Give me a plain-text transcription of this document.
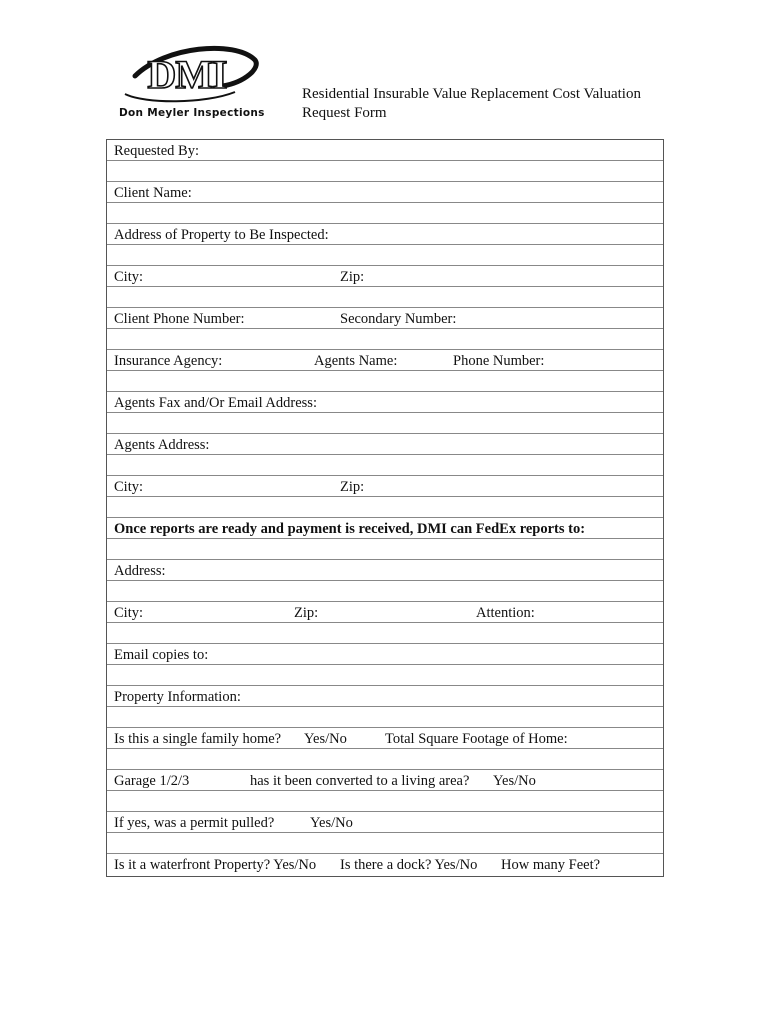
DMI
Don Meyler Inspections
Residential Insurable Value Replacement Cost Valuation
Request Form
Requested By:
Client Name:
Address of Property to Be Inspected:
City:	Zip:
Client Phone Number:	Secondary Number:
Insurance Agency:	Agents Name:	Phone Number:
Agents Fax and/Or Email Address:
Agents Address:
City:	Zip:
Once reports are ready and payment is received, DMI can FedEx reports to:
Address:
City:	Zip:	Attention:
Email copies to:
Property Information:
Is this a single family home? Yes/No	Total Square Footage of Home:
Garage 1/2/3	has it been converted to a living area? Yes/No
If yes, was a permit pulled? Yes/No
Is it a waterfront Property? Yes/No Is there a dock? Yes/No How many Feet?
